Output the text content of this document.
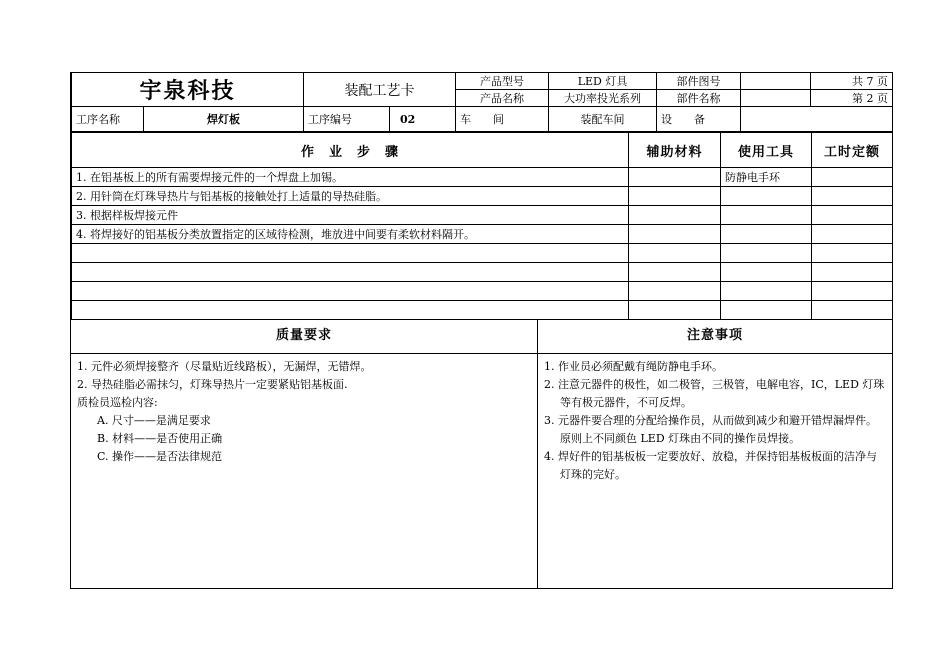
宇泉科技		装配工艺卡		产品型号	LED 灯具	部件图号		共 7 页
				产品名称	大功率投光系列	部件名称		第 2 页
工序名称	焊灯板	工序编号	02	车　　间	装配车间	设　　备		
作　业　步　骤	辅助材料	使用工具	工时定额
1. 在铝基板上的所有需要焊接元件的一个焊盘上加锡。		防静电手环	
2. 用针筒在灯珠导热片与铝基板的接触处打上适量的导热硅脂。			
3. 根据样板焊接元件			
4. 将焊接好的铝基板分类放置指定的区域待检测，堆放进中间要有柔软材料隔开。			

质量要求
1. 元件必须焊接整齐（尽量贴近线路板），无漏焊，无错焊。
2. 导热硅脂必需抹匀，灯珠导热片一定要紧贴铝基板面.
质检员巡检内容:
A. 尺寸——是满足要求
B. 材料——是否使用正确
C. 操作——是否法律规范
注意事项
1. 作业员必须配戴有绳防静电手环。
2. 注意元器件的极性，如二极管，三极管，电解电容，IC，LED 灯珠等有极元器件，不可反焊。
3. 元器件要合理的分配给操作员，从而做到减少和避开错焊漏焊件。原则上不同颜色 LED 灯珠由不同的操作员焊接。
4. 焊好件的铝基板板一定要放好、放稳，并保持铝基板板面的洁净与灯珠的完好。
